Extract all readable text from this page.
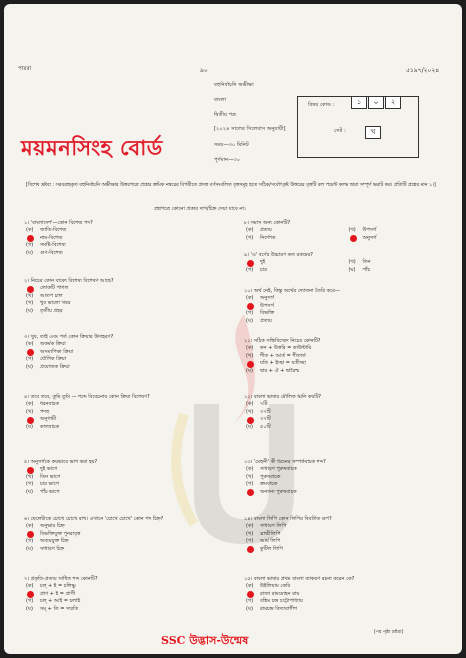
পায়রা	৯০	৫১৯৭/২০২৪
ময়মনসিংহ বোর্ড
বহুনির্বাচনি অভীক্ষা
বাংলা
দ্বিতীয় পত্র
[২০২৪ সালের সিলেবাস অনুযায়ী]
সময়—৩০ মিনিট
পূর্ণমান—৩০
বিষয় কোড :	১	০	২
সেট :	খ
[বিশেষ দ্রষ্টব্য : সরবরাহকৃত বহুনির্বাচনি অভীক্ষার উত্তরপত্রে প্রশ্নের ক্রমিক নম্বরের বিপরীতে প্রদত্ত বর্ণসংবলিত বৃত্তসমূহ হতে সঠিক/সর্বোৎকৃষ্ট উত্তরের বৃত্তটি বল পয়েন্ট কলম দ্বারা সম্পূর্ণ ভরাট কর। প্রতিটি প্রশ্নের মান ১।]
প্রশ্নপত্রে কোনো প্রকার দাগ/চিহ্ন দেয়া যাবে না।
SSC উদ্ভাস-উন্মেষ
[পর পৃষ্ঠা দ্রষ্টব্য]
১। 'বাংলাদেশ'—কোন বিশেষ্য পদ?
(ক) জাতি-বিশেষ্য
নাম-বিশেষ্য
(গ) সমষ্টি-বিশেষ্য
(ঘ) গুণ-বিশেষ্য
২। নিচের কোন বাক্যে বিশেষ্য বিশেষণ আছে?
লোকটি পাগল
(খ) আতপ চাল
(গ) খুব ভালো খবর
(ঘ) তৃতীয় প্রহর
৩। খুব, তাই এবং পর্ত কোন ক্রিয়ার উদাহরণ?
(ক) অকর্মক ক্রিয়া
অসমাপিকা ক্রিয়া
(গ) যৌগিক ক্রিয়া
(ঘ) প্রযোজক ক্রিয়া
৪। তবে তবে, তুমি তুমি — শব্দে বিবেচনায় কোন ক্রিয়া বিশেষণ?
(ক) ধরনবাচক
(খ) পদহু
অনুগামী
(ঘ) কালবাচক
৫। অনুসর্গকে কয়ভাবে ভাগ করা হয়?
দুই ভাগে
(খ) তিন ভাগে
(গ) চার ভাগে
(ঘ) পাঁচ ভাগে
৬। ছেলেটাকে চোখে চোখে রাখ। এখানে 'চোখে চোখে' কোন পদ চিহ্ন?
(ক) অনুভার চিহ্ন
বিভক্তিযুক্ত পুনরাবৃত্ত
(গ) অব্যয়যুক্ত চিহ্ন
(ঘ) সাধারণ চিহ্ন
৭। প্রকৃতি-প্রত্যয় সাধিত শব্দ কোনটি?
(ক) চল্‌ + ই = চলিষ্ণু
প্রাণ + ই = প্রাণী
(গ) চল্‌ + আই = চলাই
(ঘ) সম্‌ + তি = সম্মতি
৮। সমাস অন্য কোনটি?
(ক) প্রত্যয়	(খ) উপসর্গ
(গ) নির্দেশক	অনুসর্গ
৯। 'এ' বর্ণের উচ্চারণ কত রকমের?
দুই	(খ) তিন
(গ) চার	(ঘ) পাঁচ
১০। অর্থ নেই, কিন্তু অর্থের দ্যোতনা তৈরি করে—
(ক) অনুসর্গ
উপসর্গ
(গ) বিভক্তি
(ঘ) প্রত্যয়
১১। সঠিক সন্ধিবিচ্ছেদ নিচের কোনটি?
(ক) কন + উত্তরি = কাউন্টারি
(খ) শীত + আর্ত = শীতার্ত
যতি + ইচ্ছা = যতীচ্ছা
(ঘ) দ্বার + ঐ + দ্বারৈশ্চ
১২। বাংলা ভাষার মৌলিক ধ্বনি কয়টি?
(ক) ৭টি
(খ) ৩৭টি
৩৭টি
(ঘ) ৫০টি
১৩। 'মেহুনী' কী ধরনের সম্পর্কবাচক শব্দ?
(ক) সাধারণ পুরুষবাচক
(খ) পুরুষবাচক
(গ) ক্রমবাচক
অন্যান্য পুরুষবাচক
১৪। বাংলা লিপি কোন লিপির বিবর্তিত রূপ?
(ক) সাধারণ লিপি
(খ) ব্রাহ্মীলিপি
(গ) আর্য লিপি
কুটিল লিপি
১৫। বাংলা ভাষার প্রথম বাংলা ব্যাকরণ রচনা করেন কে?
(ক) উইলিয়াম কেরি
রাজা রামমোহন রায়
(গ) বঙ্কিম চন্দ্র চট্টোপাধ্যায়
(ঘ) রামচন্দ্র বিদ্যাবাগীশ
